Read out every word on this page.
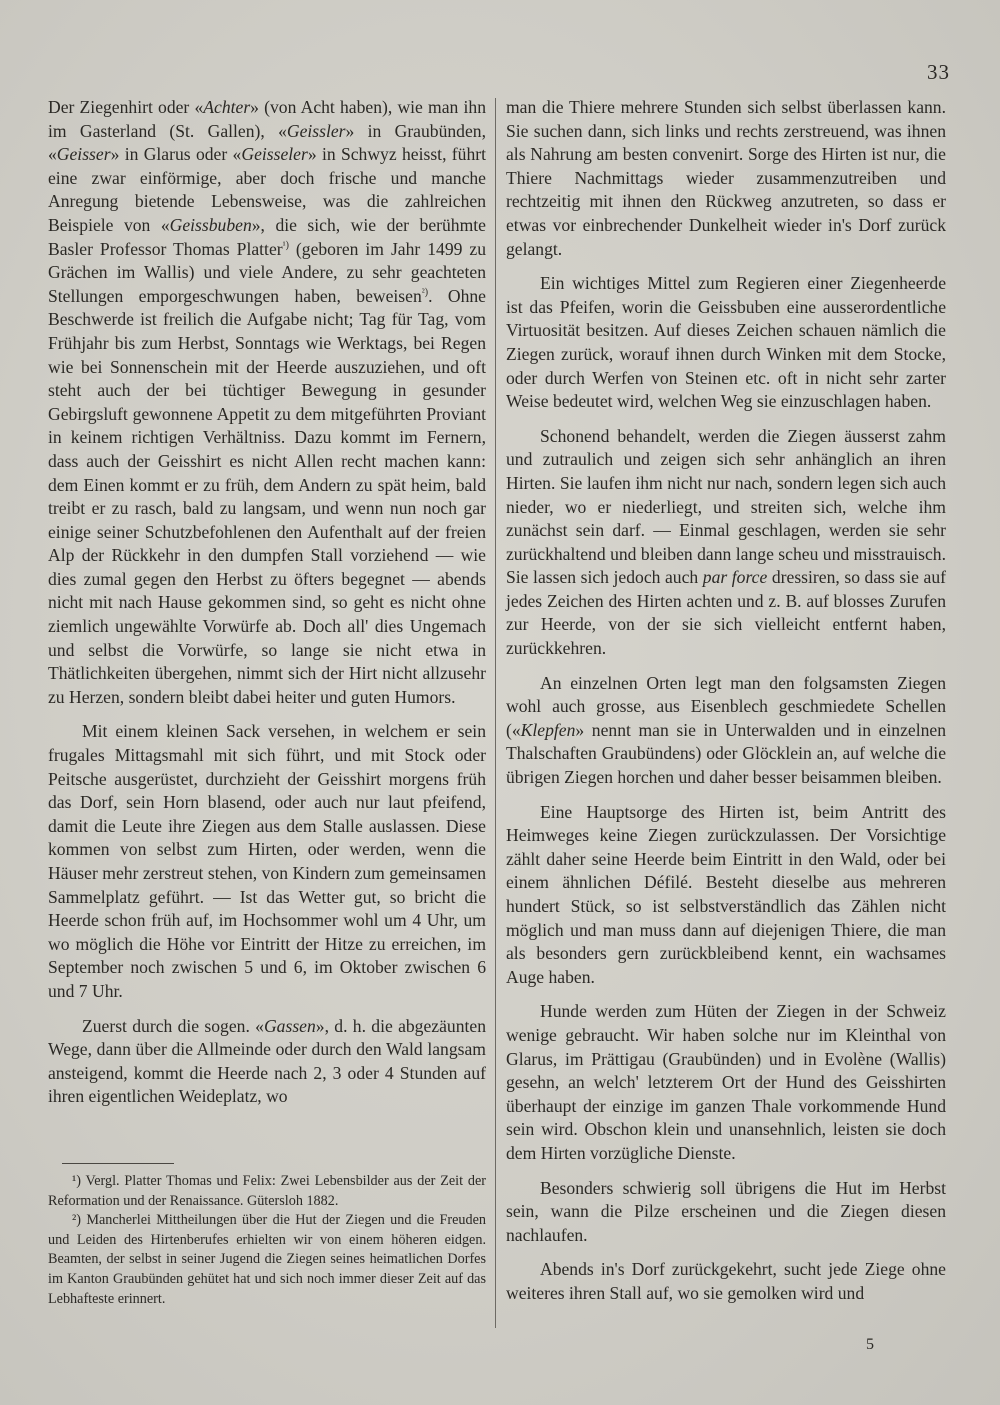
33

Der Ziegenhirt oder «Achter» (von Acht haben), wie man ihn im Gasterland (St. Gallen), «Geissler» in Graubünden, «Geisser» in Glarus oder «Geisseler» in Schwyz heisst, führt eine zwar einförmige, aber doch frische und manche Anregung bietende Lebensweise, was die zahlreichen Beispiele von «Geissbuben», die sich, wie der berühmte Basler Professor Thomas Platter$^{^1)}$ (geboren im Jahr 1499 zu Grächen im Wallis) und viele Andere, zu sehr geachteten Stellungen emporgeschwungen haben, beweisen$^{^2)}$. Ohne Beschwerde ist freilich die Aufgabe nicht; Tag für Tag, vom Frühjahr bis zum Herbst, Sonntags wie Werktags, bei Regen wie bei Sonnenschein mit der Heerde auszuziehen, und oft steht auch der bei tüchtiger Bewegung in gesunder Gebirgsluft gewonnene Appetit zu dem mitgeführten Proviant in keinem richtigen Verhältniss. Dazu kommt im Fernern, dass auch der Geisshirt es nicht Allen recht machen kann: dem Einen kommt er zu früh, dem Andern zu spät heim, bald treibt er zu rasch, bald zu langsam, und wenn nun noch gar einige seiner Schutzbefohlenen den Aufenthalt auf der freien Alp der Rückkehr in den dumpfen Stall vorziehend — wie dies zumal gegen den Herbst zu öfters begegnet — abends nicht mit nach Hause gekommen sind, so geht es nicht ohne ziemlich ungewählte Vorwürfe ab. Doch all' dies Ungemach und selbst die Vorwürfe, so lange sie nicht etwa in Thätlichkeiten übergehen, nimmt sich der Hirt nicht allzusehr zu Herzen, sondern bleibt dabei heiter und guten Humors.

Mit einem kleinen Sack versehen, in welchem er sein frugales Mittagsmahl mit sich führt, und mit Stock oder Peitsche ausgerüstet, durchzieht der Geisshirt morgens früh das Dorf, sein Horn blasend, oder auch nur laut pfeifend, damit die Leute ihre Ziegen aus dem Stalle auslassen. Diese kommen von selbst zum Hirten, oder werden, wenn die Häuser mehr zerstreut stehen, von Kindern zum gemeinsamen Sammelplatz geführt. — Ist das Wetter gut, so bricht die Heerde schon früh auf, im Hochsommer wohl um 4 Uhr, um wo möglich die Höhe vor Eintritt der Hitze zu erreichen, im September noch zwischen 5 und 6, im Oktober zwischen 6 und 7 Uhr.

Zuerst durch die sogen. «Gassen», d. h. die abgezäunten Wege, dann über die Allmeinde oder durch den Wald langsam ansteigend, kommt die Heerde nach 2, 3 oder 4 Stunden auf ihren eigentlichen Weideplatz, wo

¹) Vergl. Platter Thomas und Felix: Zwei Lebensbilder aus der Zeit der Reformation und der Renaissance. Gütersloh 1882.

²) Mancherlei Mittheilungen über die Hut der Ziegen und die Freuden und Leiden des Hirtenberufes erhielten wir von einem höheren eidgen. Beamten, der selbst in seiner Jugend die Ziegen seines heimatlichen Dorfes im Kanton Graubünden gehütet hat und sich noch immer dieser Zeit auf das Lebhafteste erinnert.

man die Thiere mehrere Stunden sich selbst überlassen kann. Sie suchen dann, sich links und rechts zerstreuend, was ihnen als Nahrung am besten convenirt. Sorge des Hirten ist nur, die Thiere Nachmittags wieder zusammenzutreiben und rechtzeitig mit ihnen den Rückweg anzutreten, so dass er etwas vor einbrechender Dunkelheit wieder in's Dorf zurück gelangt.

Ein wichtiges Mittel zum Regieren einer Ziegenheerde ist das Pfeifen, worin die Geissbuben eine ausserordentliche Virtuosität besitzen. Auf dieses Zeichen schauen nämlich die Ziegen zurück, worauf ihnen durch Winken mit dem Stocke, oder durch Werfen von Steinen etc. oft in nicht sehr zarter Weise bedeutet wird, welchen Weg sie einzuschlagen haben.

Schonend behandelt, werden die Ziegen äusserst zahm und zutraulich und zeigen sich sehr anhänglich an ihren Hirten. Sie laufen ihm nicht nur nach, sondern legen sich auch nieder, wo er niederliegt, und streiten sich, welche ihm zunächst sein darf. — Einmal geschlagen, werden sie sehr zurückhaltend und bleiben dann lange scheu und misstrauisch. Sie lassen sich jedoch auch par force dressiren, so dass sie auf jedes Zeichen des Hirten achten und z. B. auf blosses Zurufen zur Heerde, von der sie sich vielleicht entfernt haben, zurückkehren.

An einzelnen Orten legt man den folgsamsten Ziegen wohl auch grosse, aus Eisenblech geschmiedete Schellen («Klepfen» nennt man sie in Unterwalden und in einzelnen Thalschaften Graubündens) oder Glöcklein an, auf welche die übrigen Ziegen horchen und daher besser beisammen bleiben.

Eine Hauptsorge des Hirten ist, beim Antritt des Heimweges keine Ziegen zurückzulassen. Der Vorsichtige zählt daher seine Heerde beim Eintritt in den Wald, oder bei einem ähnlichen Défilé. Besteht dieselbe aus mehreren hundert Stück, so ist selbstverständlich das Zählen nicht möglich und man muss dann auf diejenigen Thiere, die man als besonders gern zurückbleibend kennt, ein wachsames Auge haben.

Hunde werden zum Hüten der Ziegen in der Schweiz wenige gebraucht. Wir haben solche nur im Kleinthal von Glarus, im Prättigau (Graubünden) und in Evolène (Wallis) gesehn, an welch' letzterem Ort der Hund des Geisshirten überhaupt der einzige im ganzen Thale vorkommende Hund sein wird. Obschon klein und unansehnlich, leisten sie doch dem Hirten vorzügliche Dienste.

Besonders schwierig soll übrigens die Hut im Herbst sein, wann die Pilze erscheinen und die Ziegen diesen nachlaufen.

Abends in's Dorf zurückgekehrt, sucht jede Ziege ohne weiteres ihren Stall auf, wo sie gemolken wird und

5
